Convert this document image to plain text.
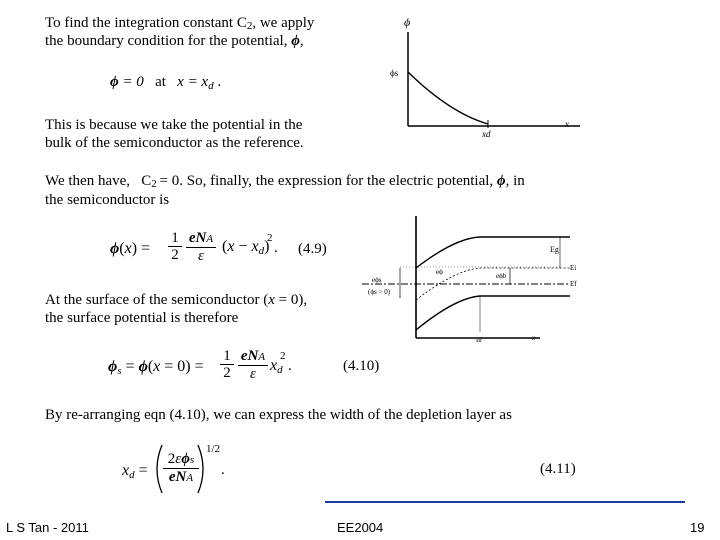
To find the integration constant C2, we apply
the boundary condition for the potential, ϕ,
ϕ = 0 at $x = x_d$ .
This is because we take the potential in the
bulk of the semiconductor as the reference.
We then have, C2 = 0. So, finally, the expression for the electric potential, ϕ, in
the semiconductor is
$\phi(x) = \frac{1}{2}$ eNA
ε
(x − xd)
2
. (4.9)
At the surface of the semiconductor (x = 0),
the surface potential is therefore
$\phi s = \phi(x = 0) = \frac{1}{2}$ eNA
ε xd
2
.	(4.10)
By re-arranging eqn (4.10), we can express the width of the depletion layer as
xd =
2εϕs
eNA
1/2
.	(4.11)
ϕ
ϕs
x
xd
Eg
Ei
Ef
eϕ
eϕs
(ϕs > 0)
eϕb
xd	x
L S Tan - 2011	EE2004	19
